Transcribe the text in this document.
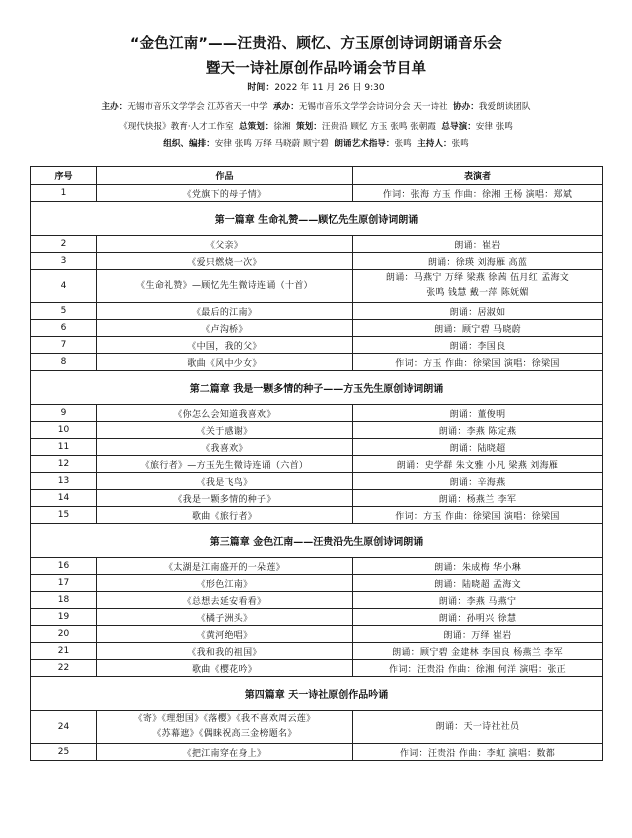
“金色江南”——汪贵沿、顾忆、方玉原创诗词朗诵音乐会
暨天一诗社原创作品吟诵会节目单
时间：2022 年 11 月 26 日 9:30
主办：无锡市音乐文学学会 江苏省天一中学 承办：无锡市音乐文学学会诗词分会 天一诗社 协办：我爱朗读团队
《现代快报》教育·人才工作室 总策划：徐湘 策划：汪贵沿 顾忆 方玉 张鸣 张朝霞 总导演：安律 张鸣
组织、编排：安律 张鸣 万绎 马晓蔚 顾宁碧 朗诵艺术指导：张鸣 主持人：张鸣
序号	作品	表演者
1	《党旗下的母子情》	作词：张海 方玉 作曲：徐湘 王杨 演唱：郑斌
第一篇章 生命礼赞——顾忆先生原创诗词朗诵		
2	《父亲》	朗诵：崔岩
3	《爱只燃烧一次》	朗诵：徐瑛 刘海雁 高蓝
4	《生命礼赞》—顾忆先生微诗连诵（十首）	朗诵：马燕宁 万绎 梁燕 徐茜 伍月红 孟海文
张鸣 钱慧 戴一萍 陈妩媚

5	《最后的江南》	朗诵：居淑如
6	《卢沟桥》	朗诵：顾宁碧 马晓蔚
7	《中国，我的父》	朗诵：李国良
8	歌曲《风中少女》	作词：方玉 作曲：徐梁国 演唱：徐梁国
第二篇章 我是一颗多情的种子——方玉先生原创诗词朗诵		
9	《你怎么会知道我喜欢》	朗诵：董俊明
10	《关于感谢》	朗诵：李燕 陈定燕
11	《我喜欢》	朗诵：陆晓超
12	《旅行者》—方玉先生微诗连诵（六首）	朗诵：史学群 朱文雅 小凡 梁燕 刘海雁
13	《我是飞鸟》	朗诵：辛海燕
14	《我是一颗多情的种子》	朗诵：杨燕兰 李军
15	歌曲《旅行者》	作词：方玉 作曲：徐梁国 演唱：徐梁国
第三篇章 金色江南——汪贵沿先生原创诗词朗诵		
16	《太湖是江南盛开的一朵莲》	朗诵：朱成梅 华小琳
17	《形色江南》	朗诵：陆晓超 孟海文
18	《总想去延安看看》	朗诵：李燕 马燕宁
19	《橘子洲头》	朗诵：孙明兴 徐慧
20	《黄河绝唱》	朗诵：万绎 崔岩
21	《我和我的祖国》	朗诵：顾宁碧 金建林 李国良 杨燕兰 李军
22	歌曲《樱花吟》	作词：汪贵沿 作曲：徐湘 何洋 演唱：张正
第四篇章 天一诗社原创作品吟诵		
24	《寄》《理想国》《落樱》《我不喜欢周云莲》
《苏幕遮》《偶睐祝高三金榜题名》	朗诵：天一诗社社员
25	《把江南穿在身上》	作词：汪贵沿 作曲：李虹 演唱：数都
